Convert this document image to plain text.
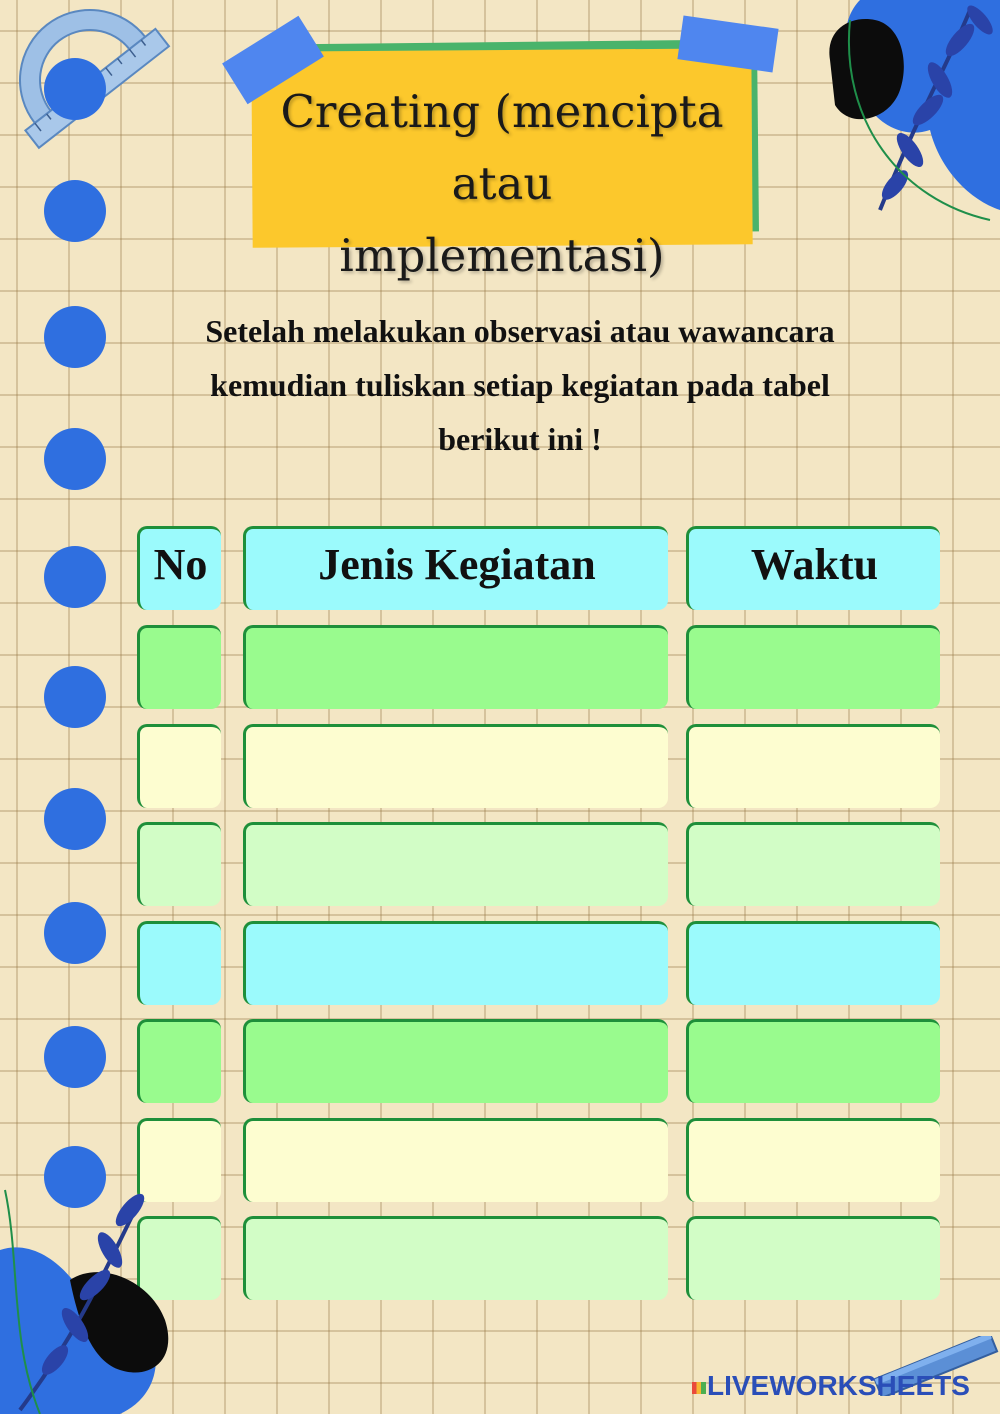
Creating (mencipta atau
implementasi)
Setelah melakukan observasi atau wawancara
kemudian tuliskan setiap kegiatan pada tabel
berikut ini !
No	Jenis Kegiatan	Waktu
LIVEWORKSHEETS
